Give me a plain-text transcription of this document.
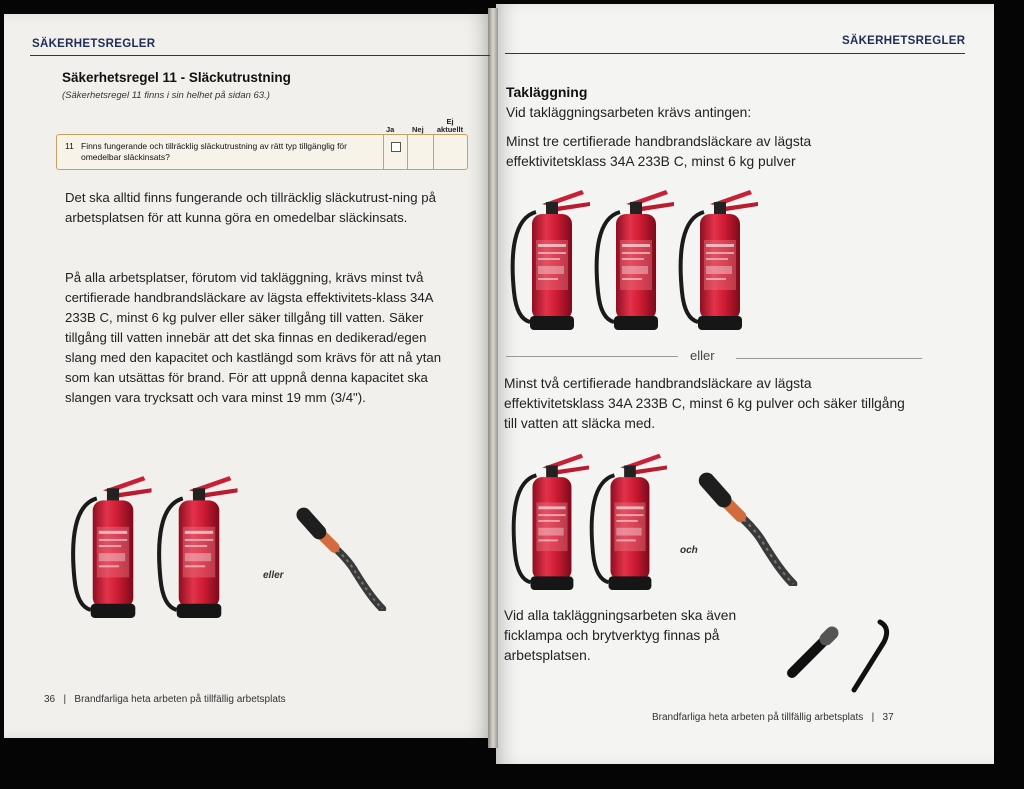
SÄKERHETSREGLER
Säkerhetsregel 11 - Släckutrustning
(Säkerhetsregel 11 finns i sin helhet på sidan 63.)
Ja Nej
Ej
aktuellt
11 Finns fungerande och tillräcklig släckutrustning av rätt typ tillgänglig för omedelbar släckinsats?
Det ska alltid finns fungerande och tillräcklig släckutrust-ning på arbetsplatsen för att kunna göra en omedelbar släckinsats.
På alla arbetsplatser, förutom vid takläggning, krävs minst två certifierade handbrandsläckare av lägsta effektivitets-klass 34A 233B C, minst 6 kg pulver eller säker tillgång till vatten. Säker tillgång till vatten innebär att det ska finnas en dedikerad/egen slang med den kapacitet och kastlängd som krävs för att nå ytan som kan utsättas för brand. För att uppnå denna kapacitet ska slangen vara trycksatt och vara minst 19 mm (3/4").
eller
36 | Brandfarliga heta arbeten på tillfällig arbetsplats
SÄKERHETSREGLER
Takläggning
Vid takläggningsarbeten krävs antingen:
Minst tre certifierade handbrandsläckare av lägsta effektivitetsklass 34A 233B C, minst 6 kg pulver
eller
Minst två certifierade handbrandsläckare av lägsta effektivitetsklass 34A 233B C, minst 6 kg pulver och säker tillgång till vatten att släcka med.
och
Vid alla takläggningsarbeten ska även ficklampa och brytverktyg finnas på arbetsplatsen.
Brandfarliga heta arbeten på tillfällig arbetsplats | 37
